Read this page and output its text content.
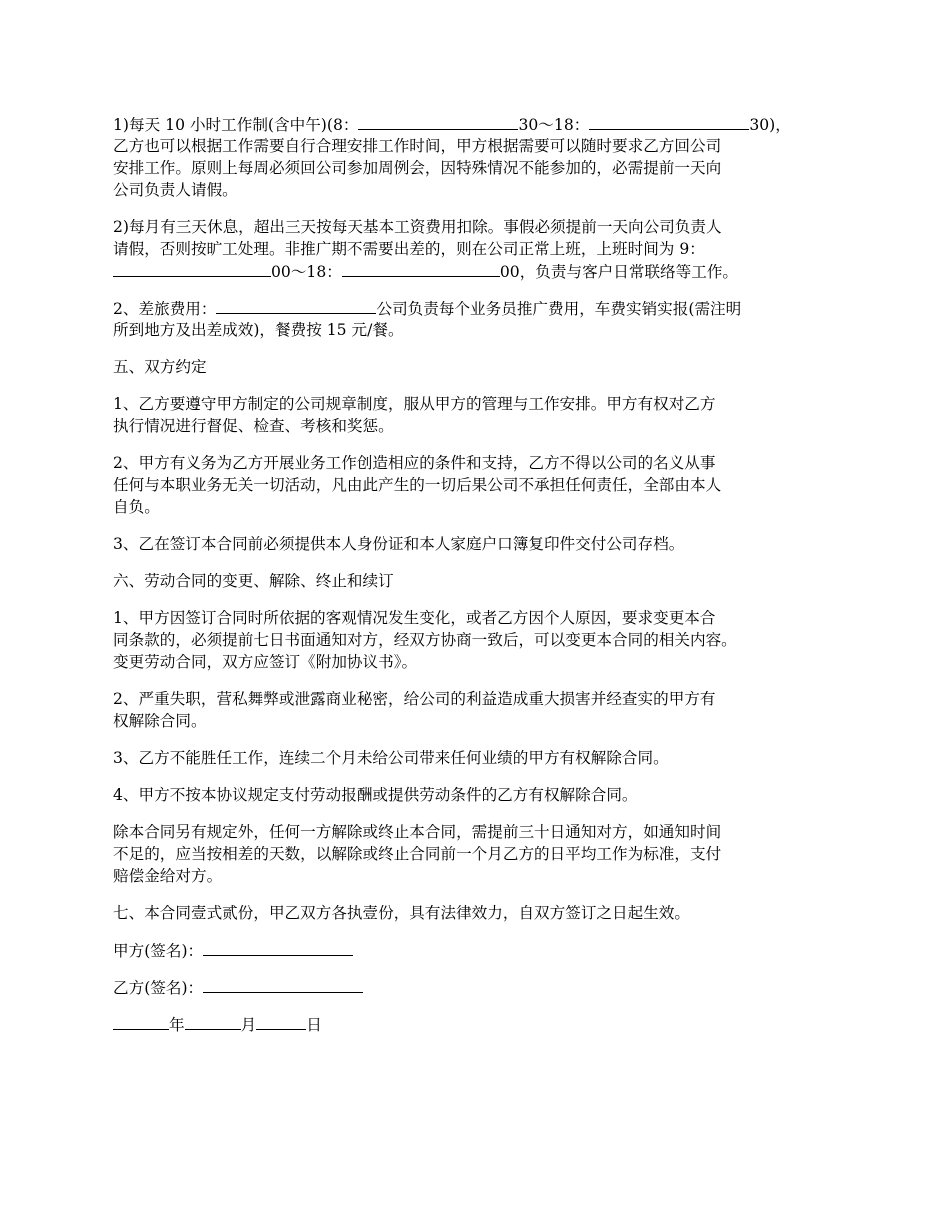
1)每天 10 小时工作制(含中午)(8：	30～18：	30)，
乙方也可以根据工作需要自行合理安排工作时间，甲方根据需要可以随时要求乙方回公司
安排工作。原则上每周必须回公司参加周例会，因特殊情况不能参加的，必需提前一天向
公司负责人请假。

2)每月有三天休息，超出三天按每天基本工资费用扣除。事假必须提前一天向公司负责人
请假，否则按旷工处理。非推广期不需要出差的，则在公司正常上班，上班时间为 9：
00～18：	00，负责与客户日常联络等工作。

2、差旅费用：	公司负责每个业务员推广费用，车费实销实报(需注明
所到地方及出差成效)，餐费按 15 元/餐。

五、双方约定

1、乙方要遵守甲方制定的公司规章制度，服从甲方的管理与工作安排。甲方有权对乙方
执行情况进行督促、检查、考核和奖惩。

2、甲方有义务为乙方开展业务工作创造相应的条件和支持，乙方不得以公司的名义从事
任何与本职业务无关一切活动，凡由此产生的一切后果公司不承担任何责任，全部由本人
自负。

3、乙在签订本合同前必须提供本人身份证和本人家庭户口簿复印件交付公司存档。

六、劳动合同的变更、解除、终止和续订

1、甲方因签订合同时所依据的客观情况发生变化，或者乙方因个人原因，要求变更本合
同条款的，必须提前七日书面通知对方，经双方协商一致后，可以变更本合同的相关内容。
变更劳动合同，双方应签订《附加协议书》。

2、严重失职，营私舞弊或泄露商业秘密，给公司的利益造成重大损害并经查实的甲方有
权解除合同。

3、乙方不能胜任工作，连续二个月未给公司带来任何业绩的甲方有权解除合同。

4、甲方不按本协议规定支付劳动报酬或提供劳动条件的乙方有权解除合同。

除本合同另有规定外，任何一方解除或终止本合同，需提前三十日通知对方，如通知时间
不足的，应当按相差的天数，以解除或终止合同前一个月乙方的日平均工作为标准，支付
赔偿金给对方。

七、本合同壹式贰份，甲乙双方各执壹份，具有法律效力，自双方签订之日起生效。

甲方(签名)：

乙方(签名)：

年	月	日
